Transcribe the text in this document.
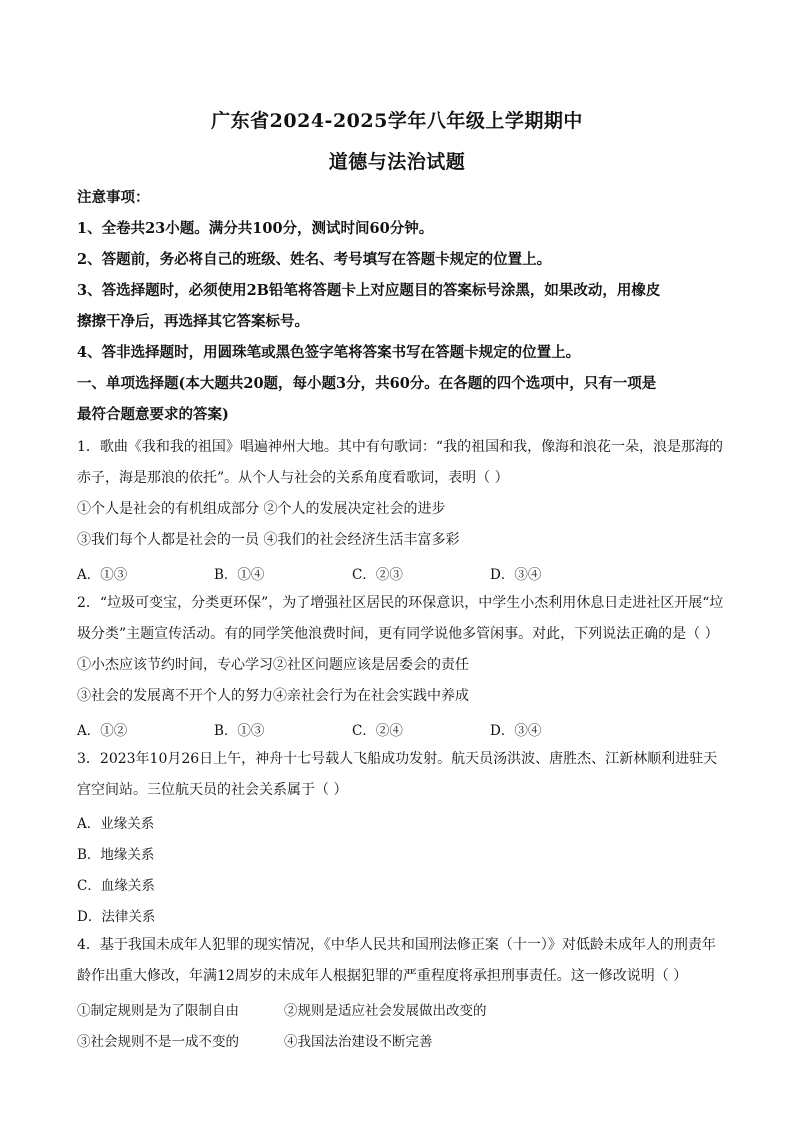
广东省2024-2025学年八年级上学期期中
道德与法治试题
注意事项：
1、全卷共23小题。满分共100分，测试时间60分钟。
2、答题前，务必将自己的班级、姓名、考号填写在答题卡规定的位置上。
3、答选择题时，必须使用2B铅笔将答题卡上对应题目的答案标号涂黑，如果改动，用橡皮
擦擦干净后，再选择其它答案标号。
4、答非选择题时，用圆珠笔或黑色签字笔将答案书写在答题卡规定的位置上。
一、单项选择题(本大题共20题，每小题3分，共60分。在各题的四个选项中，只有一项是
最符合题意要求的答案)
1．歌曲《我和我的祖国》唱遍神州大地。其中有句歌词：“我的祖国和我，像海和浪花一朵，浪是那海的
赤子，海是那浪的依托”。从个人与社会的关系角度看歌词，表明（ ）
①个人是社会的有机组成部分 ②个人的发展决定社会的进步
③我们每个人都是社会的一员 ④我们的社会经济生活丰富多彩
A．①③	B．①④	C．②③	D．③④
2．“垃圾可变宝，分类更环保”，为了增强社区居民的环保意识，中学生小杰利用休息日走进社区开展“垃
圾分类”主题宣传活动。有的同学笑他浪费时间，更有同学说他多管闲事。对此，下列说法正确的是（ ）
①小杰应该节约时间，专心学习②社区问题应该是居委会的责任
③社会的发展离不开个人的努力④亲社会行为在社会实践中养成
A．①②	B．①③	C．②④	D．③④
3．2023年10月26日上午，神舟十七号载人飞船成功发射。航天员汤洪波、唐胜杰、江新林顺利进驻天
宫空间站。三位航天员的社会关系属于（ ）
A．业缘关系
B．地缘关系
C．血缘关系
D．法律关系
4．基于我国未成年人犯罪的现实情况，《中华人民共和国刑法修正案（十一）》对低龄未成年人的刑责年
龄作出重大修改，年满12周岁的未成年人根据犯罪的严重程度将承担刑事责任。这一修改说明（ ）
①制定规则是为了限制自由	②规则是适应社会发展做出改变的
③社会规则不是一成不变的	④我国法治建设不断完善
